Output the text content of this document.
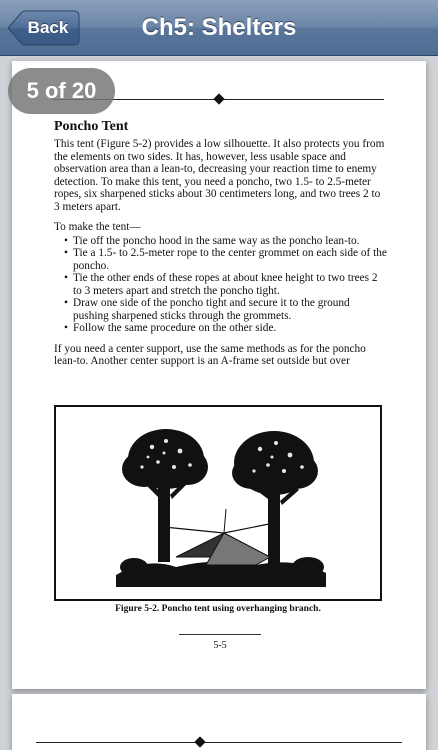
Back	Ch5: Shelters
Poncho Tent

This tent (Figure 5-2) provides a low silhouette. It also protects you from the elements on two sides. It has, however, less usable space and observation area than a lean-to, decreasing your reaction time to enemy detection. To make this tent, you need a poncho, two 1.5- to 2.5-meter ropes, six sharpened sticks about 30 centimeters long, and two trees 2 to 3 meters apart.

To make the tent—

• Tie off the poncho hood in the same way as the poncho lean-to.
• Tie a 1.5- to 2.5-meter rope to the center grommet on each side of the poncho.
• Tie the other ends of these ropes at about knee height to two trees 2 to 3 meters apart and stretch the poncho tight.
• Draw one side of the poncho tight and secure it to the ground pushing sharpened sticks through the grommets.
• Follow the same procedure on the other side.

If you need a center support, use the same methods as for the poncho lean-to. Another center support is an A-frame set outside but over

Figure 5-2. Poncho tent using overhanging branch.
5-5
5 of 20
